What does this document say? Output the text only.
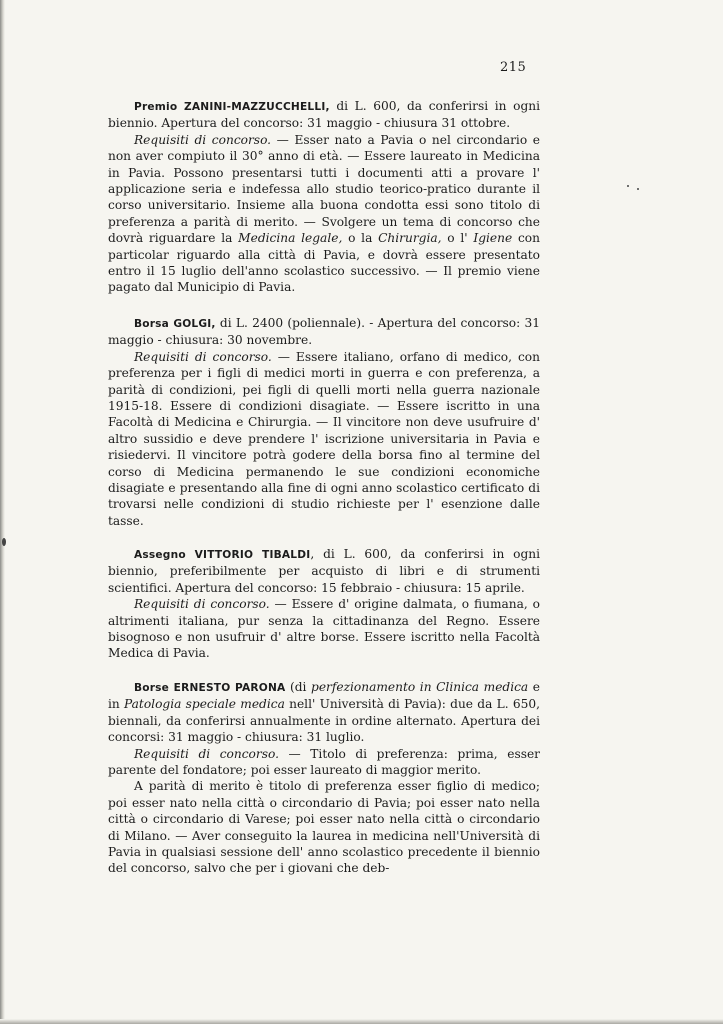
215

Premio ZANINI-MAZZUCCHELLI, di L. 600, da conferirsi in ogni biennio. Apertura del concorso: 31 maggio - chiusura 31 ottobre.

Requisiti di concorso. — Esser nato a Pavia o nel circondario e non aver compiuto il 30° anno di età. — Essere laureato in Medicina in Pavia. Possono presentarsi tutti i documenti atti a provare l' applicazione seria e indefessa allo studio teorico-pratico durante il corso universitario. Insieme alla buona condotta essi sono titolo di preferenza a parità di merito. — Svolgere un tema di concorso che dovrà riguardare la Medicina legale, o la Chirurgia, o l' Igiene con particolar riguardo alla città di Pavia, e dovrà essere presentato entro il 15 luglio dell'anno scolastico successivo. — Il premio viene pagato dal Municipio di Pavia.

Borsa GOLGI, di L. 2400 (poliennale). - Apertura del concorso: 31 maggio - chiusura: 30 novembre.

Requisiti di concorso. — Essere italiano, orfano di medico, con preferenza per i figli di medici morti in guerra e con preferenza, a parità di condizioni, pei figli di quelli morti nella guerra nazionale 1915-18. Essere di condizioni disagiate. — Essere iscritto in una Facoltà di Medicina e Chirurgia. — Il vincitore non deve usufruire d' altro sussidio e deve prendere l' iscrizione universitaria in Pavia e risiedervi. Il vincitore potrà godere della borsa fino al termine del corso di Medicina permanendo le sue condizioni economiche disagiate e presentando alla fine di ogni anno scolastico certificato di trovarsi nelle condizioni di studio richieste per l' esenzione dalle tasse.

Assegno VITTORIO TIBALDI, di L. 600, da conferirsi in ogni biennio, preferibilmente per acquisto di libri e di strumenti scientifici. Apertura del concorso: 15 febbraio - chiusura: 15 aprile.

Requisiti di concorso. — Essere d' origine dalmata, o fiumana, o altrimenti italiana, pur senza la cittadinanza del Regno. Essere bisognoso e non usufruir d' altre borse. Essere iscritto nella Facoltà Medica di Pavia.

Borse ERNESTO PARONA (di perfezionamento in Clinica medica e in Patologia speciale medica nell' Università di Pavia): due da L. 650, biennali, da conferirsi annualmente in ordine alternato. Apertura dei concorsi: 31 maggio - chiusura: 31 luglio.

Requisiti di concorso. — Titolo di preferenza: prima, esser parente del fondatore; poi esser laureato di maggior merito.

A parità di merito è titolo di preferenza esser figlio di medico; poi esser nato nella città o circondario di Pavia; poi esser nato nella città o circondario di Varese; poi esser nato nella città o circondario di Milano. — Aver conseguito la laurea in medicina nell'Università di Pavia in qualsiasi sessione dell' anno scolastico precedente il biennio del concorso, salvo che per i giovani che deb-
